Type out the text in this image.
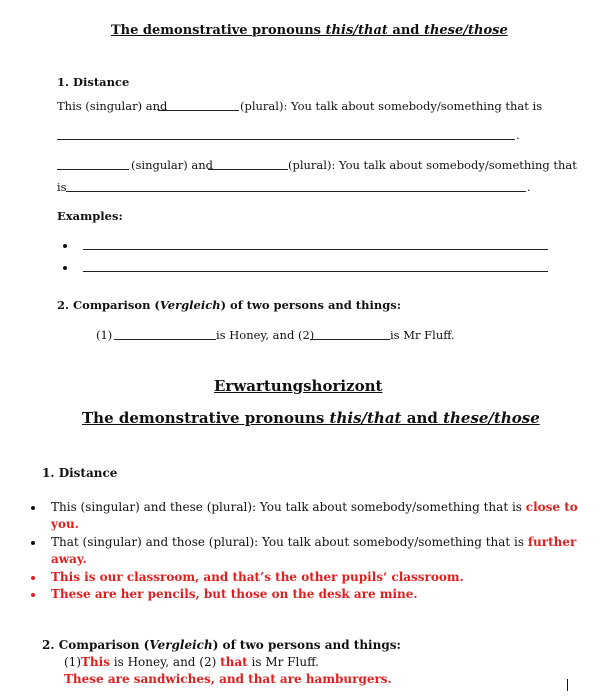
The demonstrative pronouns this/that and these/those
1. Distance
This (singular) and	(plural): You talk about somebody/something that is
.
(singular) and	(plural): You talk about somebody/something that
is	.
Examples:
2. Comparison (Vergleich) of two persons and things:
(1)	is Honey, and (2)	is Mr Fluff.
Erwartungshorizont
The demonstrative pronouns this/that and these/those
1. Distance
This (singular) and these (plural): You talk about somebody/something that is close to
you.
That (singular) and those (plural): You talk about somebody/something that is further
away.
This is our classroom, and that’s the other pupils‘ classroom.
These are her pencils, but those on the desk are mine.
2. Comparison (Vergleich) of two persons and things:
(1)This is Honey, and (2) that is Mr Fluff.
These are sandwiches, and that are hamburgers.
